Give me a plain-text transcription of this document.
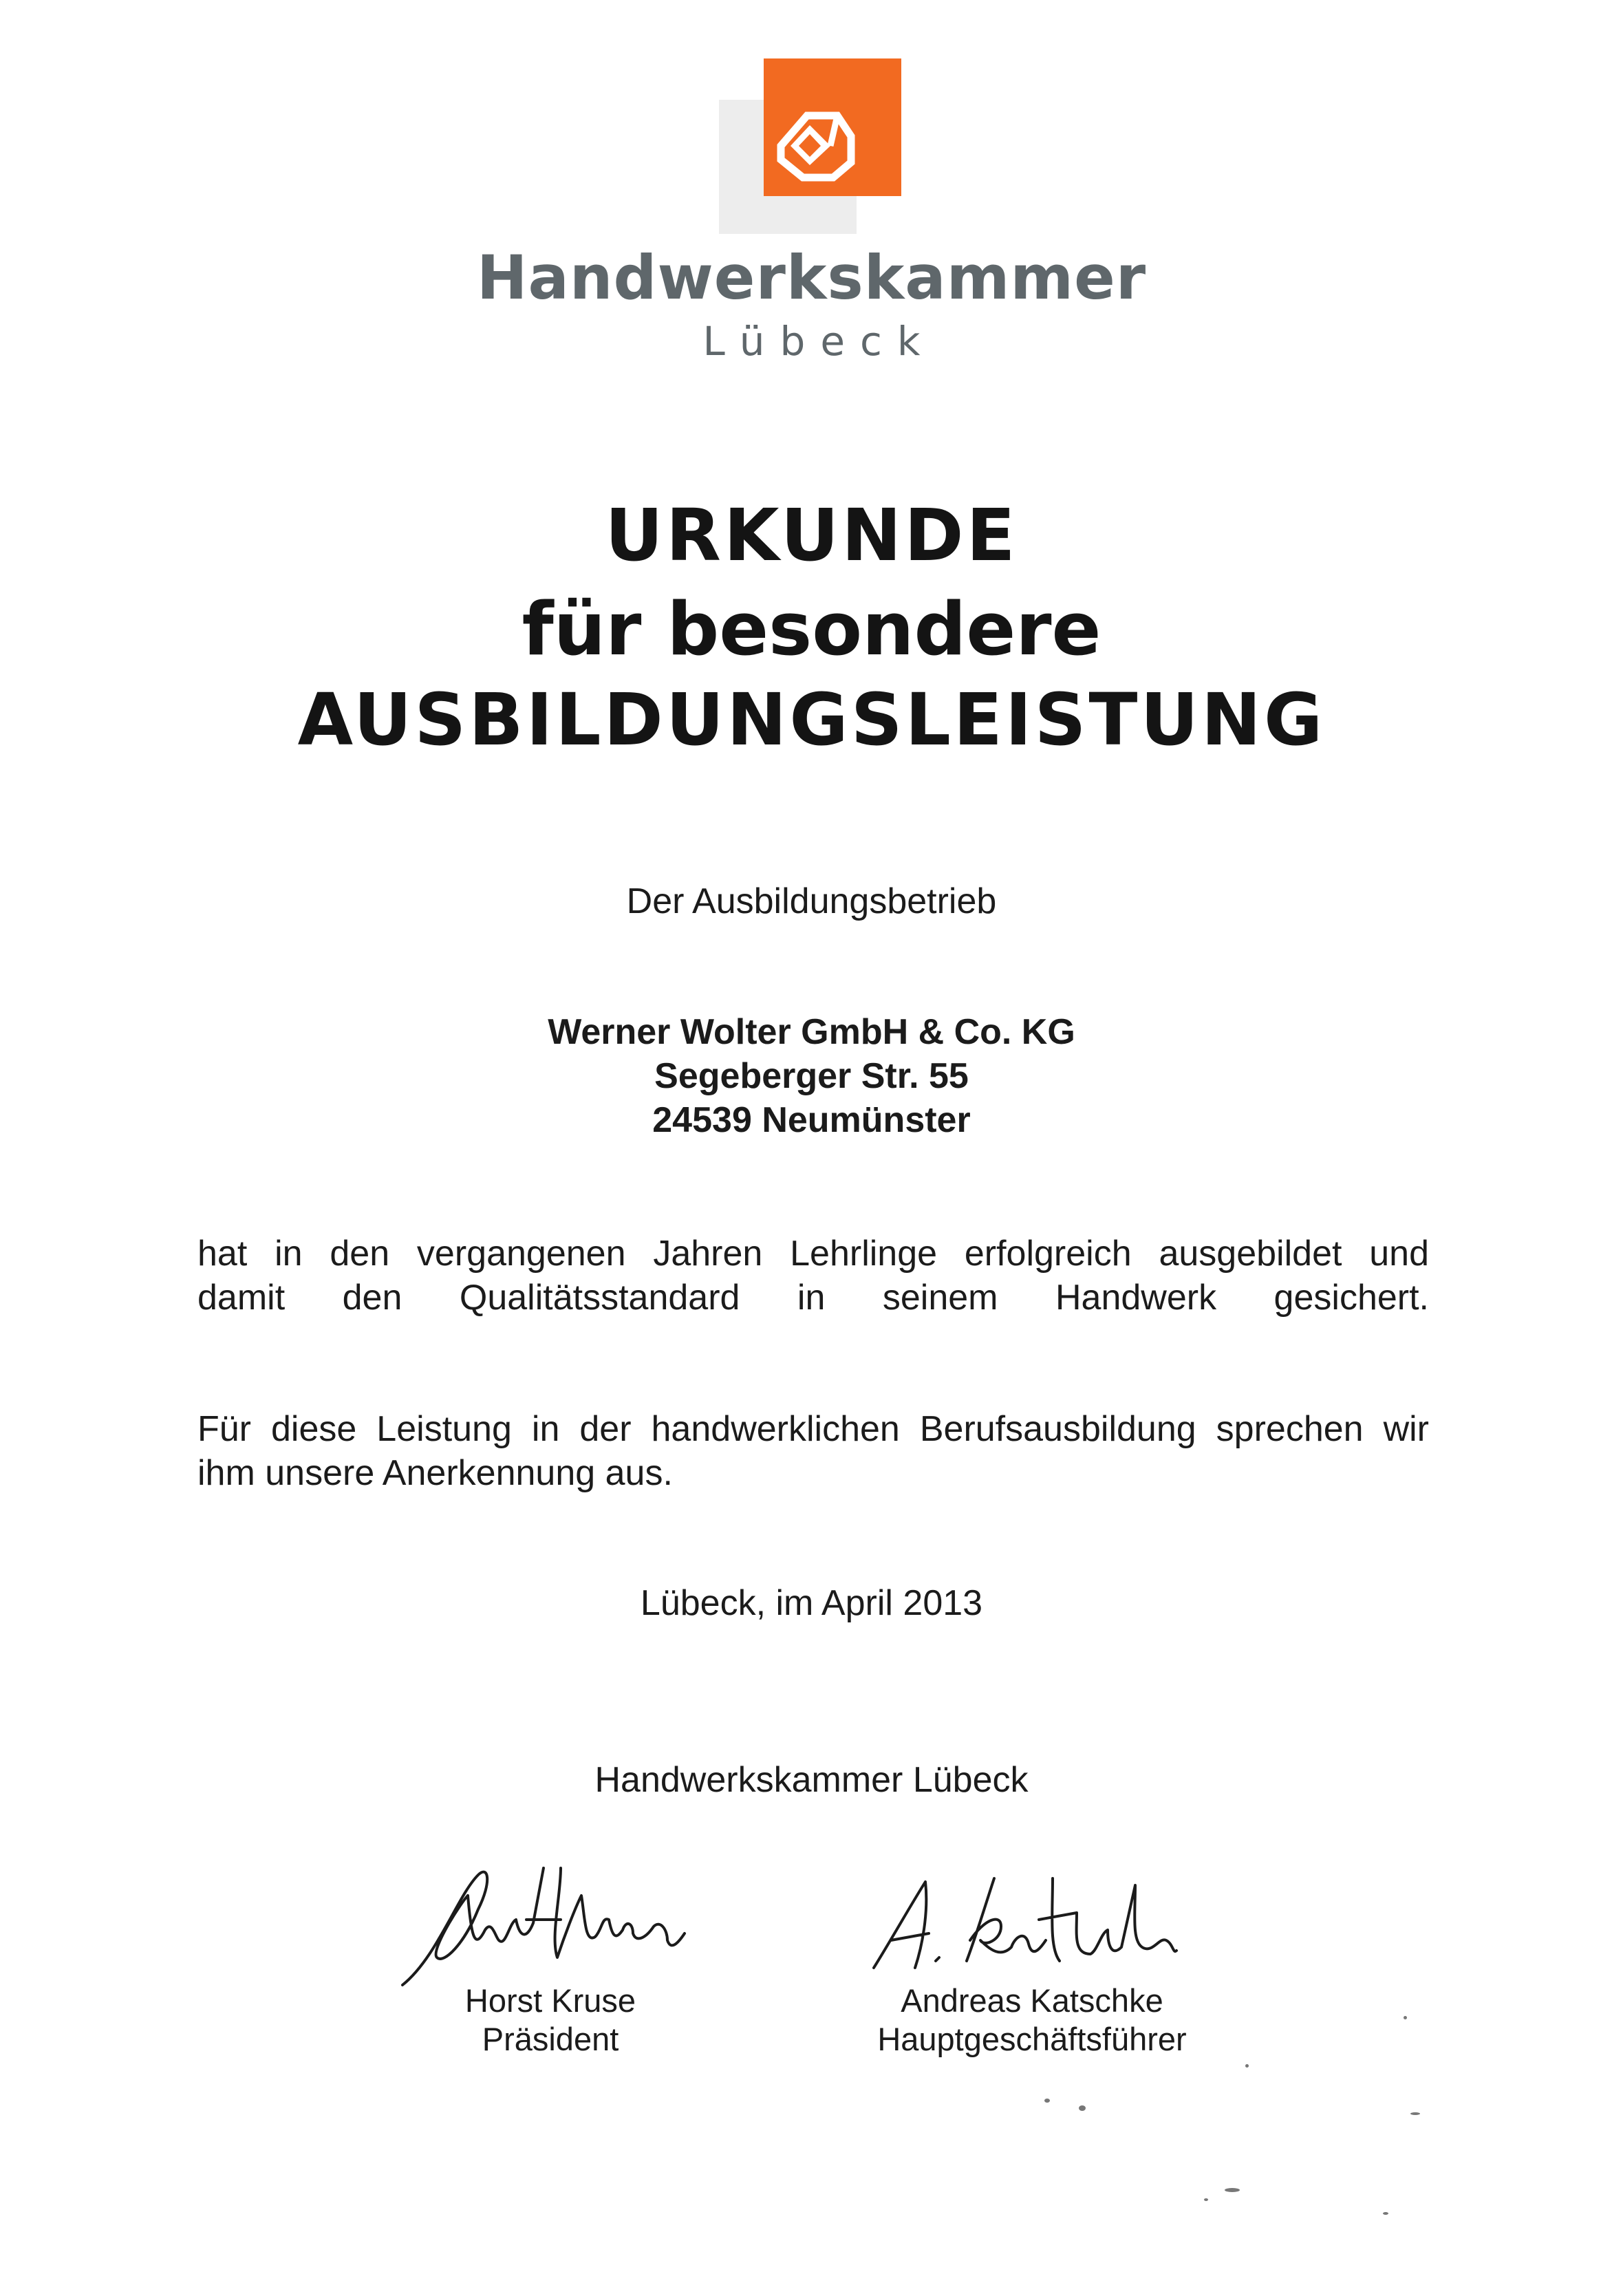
Handwerkskammer
Lübeck
URKUNDE
für besondere
AUSBILDUNGSLEISTUNG
Der Ausbildungsbetrieb
Werner Wolter GmbH & Co. KG
Segeberger Str. 55
24539 Neumünster
hat in den vergangenen Jahren Lehrlinge erfolgreich ausgebildet und
damit den Qualitätsstandard in seinem Handwerk gesichert.
Für diese Leistung in der handwerklichen Berufsausbildung sprechen wir
ihm unsere Anerkennung aus.
Lübeck, im April 2013
Handwerkskammer Lübeck
Horst Kruse
Präsident
Andreas Katschke
Hauptgeschäftsführer
